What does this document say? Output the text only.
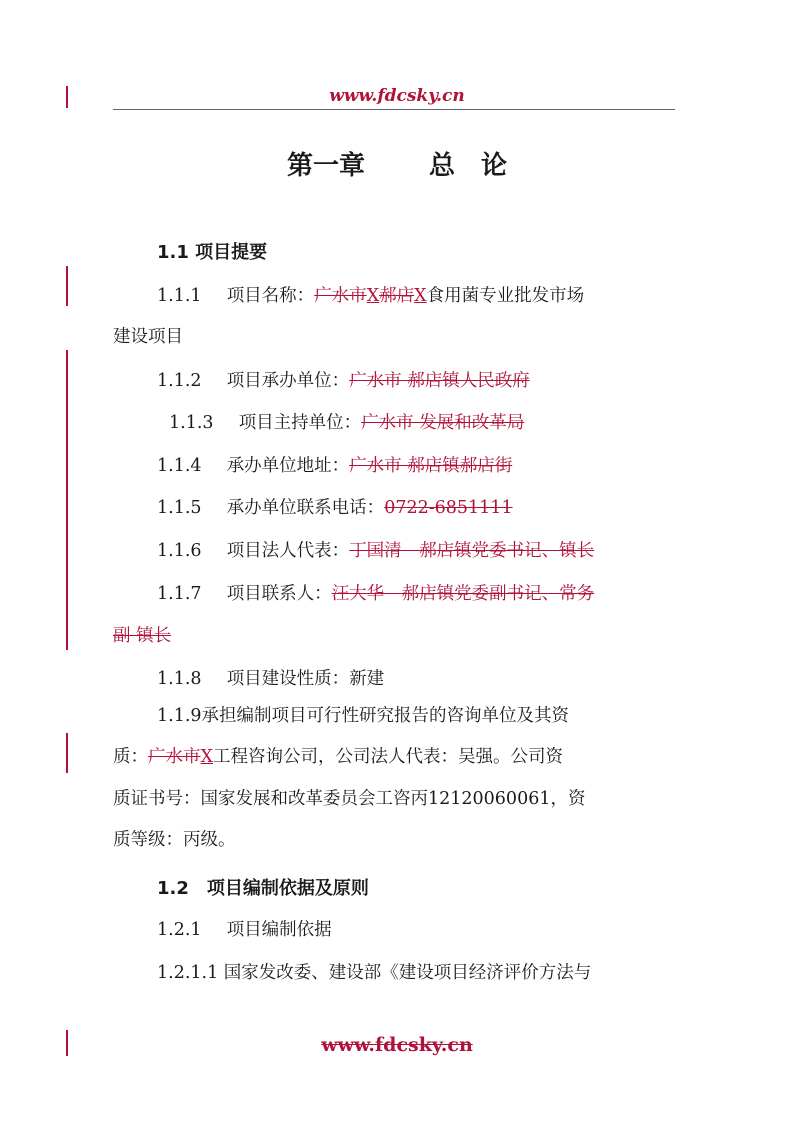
www.fdcsky.cn
第一章 总　论
1.1 项目提要
1.1.1 项目名称：广水市X郝店X食用菌专业批发市场
建设项目
1.1.2 项目承办单位：广水市 郝店镇人民政府
1.1.3 项目主持单位：广水市 发展和改革局
1.1.4 承办单位地址：广水市 郝店镇郝店街
1.1.5 承办单位联系电话：0722-6851111
1.1.6 项目法人代表：丁国清　郝店镇党委书记、镇长
1.1.7 项目联系人：汪大华　郝店镇党委副书记、常务
副 镇长
1.1.8 项目建设性质：新建
1.1.9承担编制项目可行性研究报告的咨询单位及其资
质：广水市X工程咨询公司，公司法人代表：吴强。公司资
质证书号：国家发展和改革委员会工咨丙12120060061，资
质等级：丙级。
1.2　项目编制依据及原则
1.2.1 项目编制依据
1.2.1.1 国家发改委、建设部《建设项目经济评价方法与
www.fdcsky.cn
